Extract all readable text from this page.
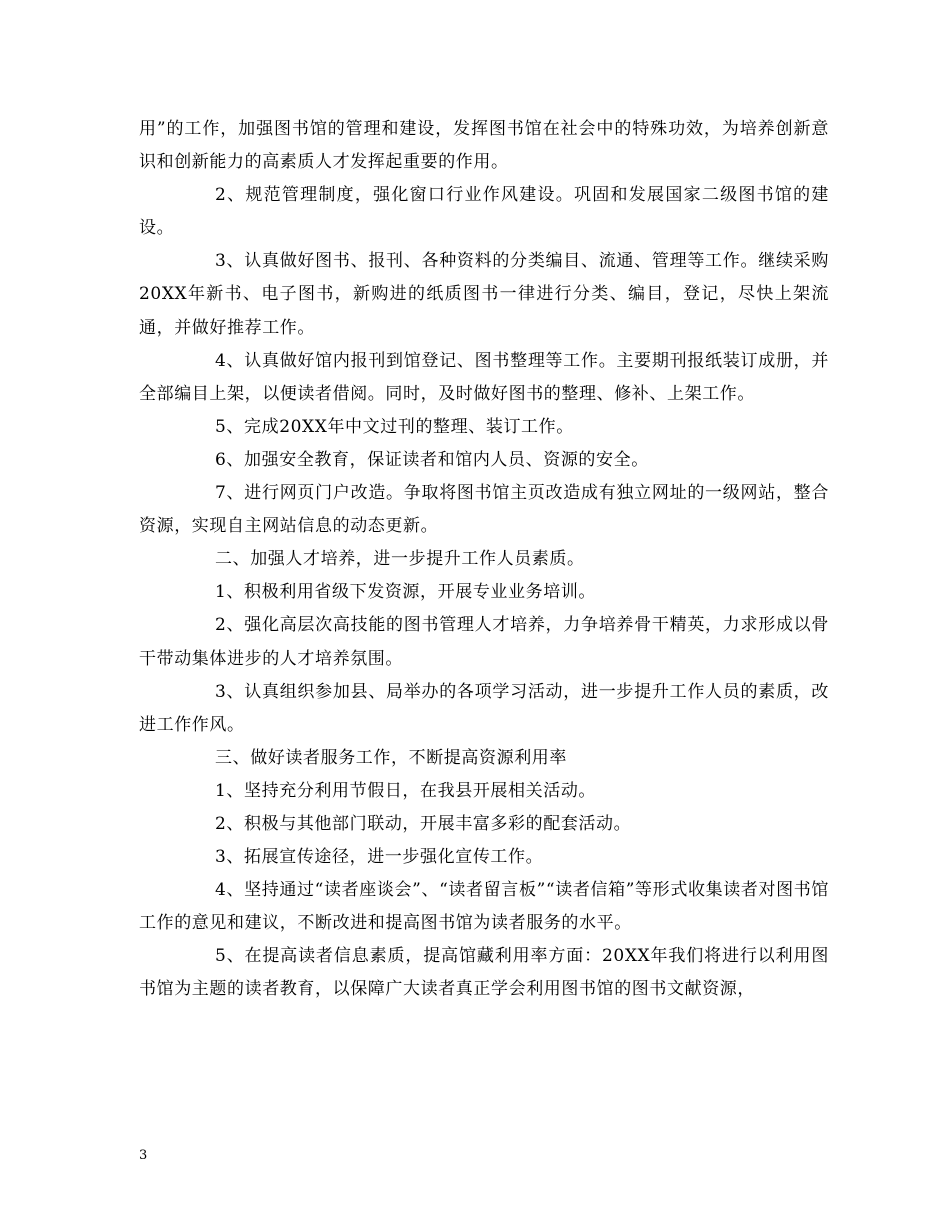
用”的工作，加强图书馆的管理和建设，发挥图书馆在社会中的特殊功效，为培养创新意识和创新能力的高素质人才发挥起重要的作用。

2、规范管理制度，强化窗口行业作风建设。巩固和发展国家二级图书馆的建设。

3、认真做好图书、报刊、各种资料的分类编目、流通、管理等工作。继续采购20XX年新书、电子图书，新购进的纸质图书一律进行分类、编目，登记，尽快上架流通，并做好推荐工作。

4、认真做好馆内报刊到馆登记、图书整理等工作。主要期刊报纸装订成册，并全部编目上架，以便读者借阅。同时，及时做好图书的整理、修补、上架工作。

5、完成20XX年中文过刊的整理、装订工作。

6、加强安全教育，保证读者和馆内人员、资源的安全。

7、进行网页门户改造。争取将图书馆主页改造成有独立网址的一级网站，整合资源，实现自主网站信息的动态更新。

二、加强人才培养，进一步提升工作人员素质。

1、积极利用省级下发资源，开展专业业务培训。

2、强化高层次高技能的图书管理人才培养，力争培养骨干精英，力求形成以骨干带动集体进步的人才培养氛围。

3、认真组织参加县、局举办的各项学习活动，进一步提升工作人员的素质，改进工作作风。

三、做好读者服务工作，不断提高资源利用率

1、坚持充分利用节假日，在我县开展相关活动。

2、积极与其他部门联动，开展丰富多彩的配套活动。

3、拓展宣传途径，进一步强化宣传工作。

4、坚持通过“读者座谈会”、“读者留言板”“读者信箱”等形式收集读者对图书馆工作的意见和建议，不断改进和提高图书馆为读者服务的水平。

5、在提高读者信息素质，提高馆藏利用率方面：20XX年我们将进行以利用图书馆为主题的读者教育，以保障广大读者真正学会利用图书馆的图书文献资源，

3
